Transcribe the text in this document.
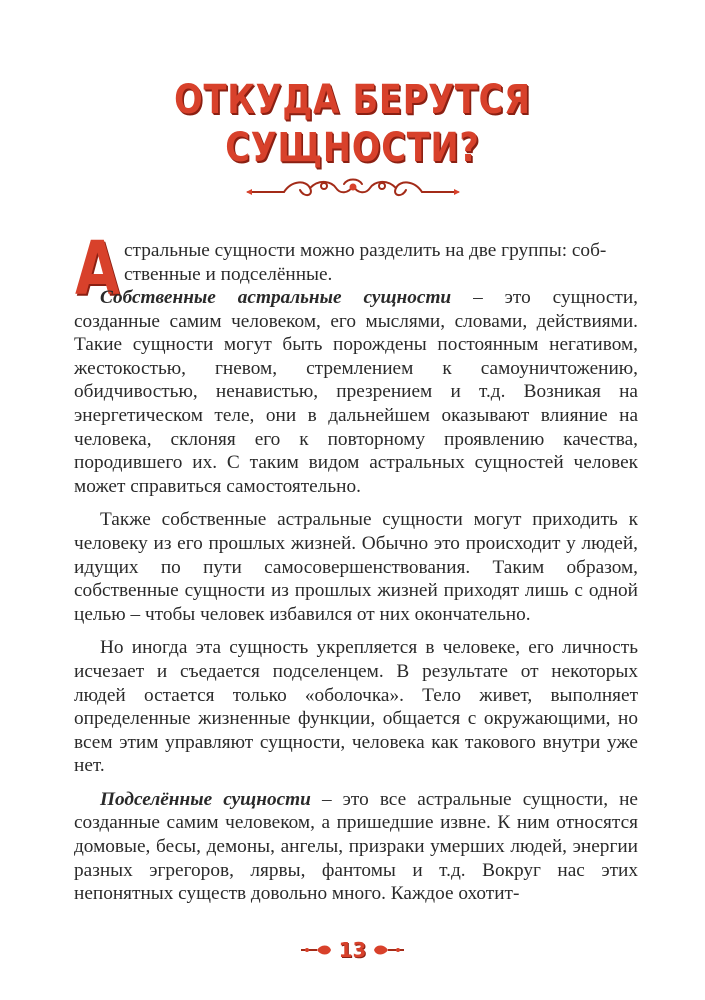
ОТКУДА БЕРУТСЯ
СУЩНОСТИ?
А стральные сущности можно разделить на две группы: соб-
ственные и подселённые.

Собственные астральные сущности – это сущности, созданные самим человеком, его мыслями, словами, действиями. Такие сущности могут быть порождены постоянным негативом, жестокостью, гневом, стремлением к самоуничтожению, обидчивостью, ненавистью, презрением и т.д. Возникая на энергетическом теле, они в дальнейшем оказывают влияние на человека, склоняя его к повторному проявлению качества, породившего их. С таким видом астральных сущностей человек может справиться самостоятельно.

Также собственные астральные сущности могут приходить к человеку из его прошлых жизней. Обычно это происходит у людей, идущих по пути самосовершенствования. Таким образом, собственные сущности из прошлых жизней приходят лишь с одной целью – чтобы человек избавился от них окончательно.

Но иногда эта сущность укрепляется в человеке, его личность исчезает и съедается подселенцем. В результате от некоторых людей остается только «оболочка». Тело живет, выполняет определенные жизненные функции, общается с окружающими, но всем этим управляют сущности, человека как такового внутри уже нет.

Подселённые сущности – это все астральные сущности, не созданные самим человеком, а пришедшие извне. К ним относятся домовые, бесы, демоны, ангелы, призраки умерших людей, энергии разных эгрегоров, лярвы, фантомы и т.д. Вокруг нас этих непонятных существ довольно много. Каждое охотит-

13
